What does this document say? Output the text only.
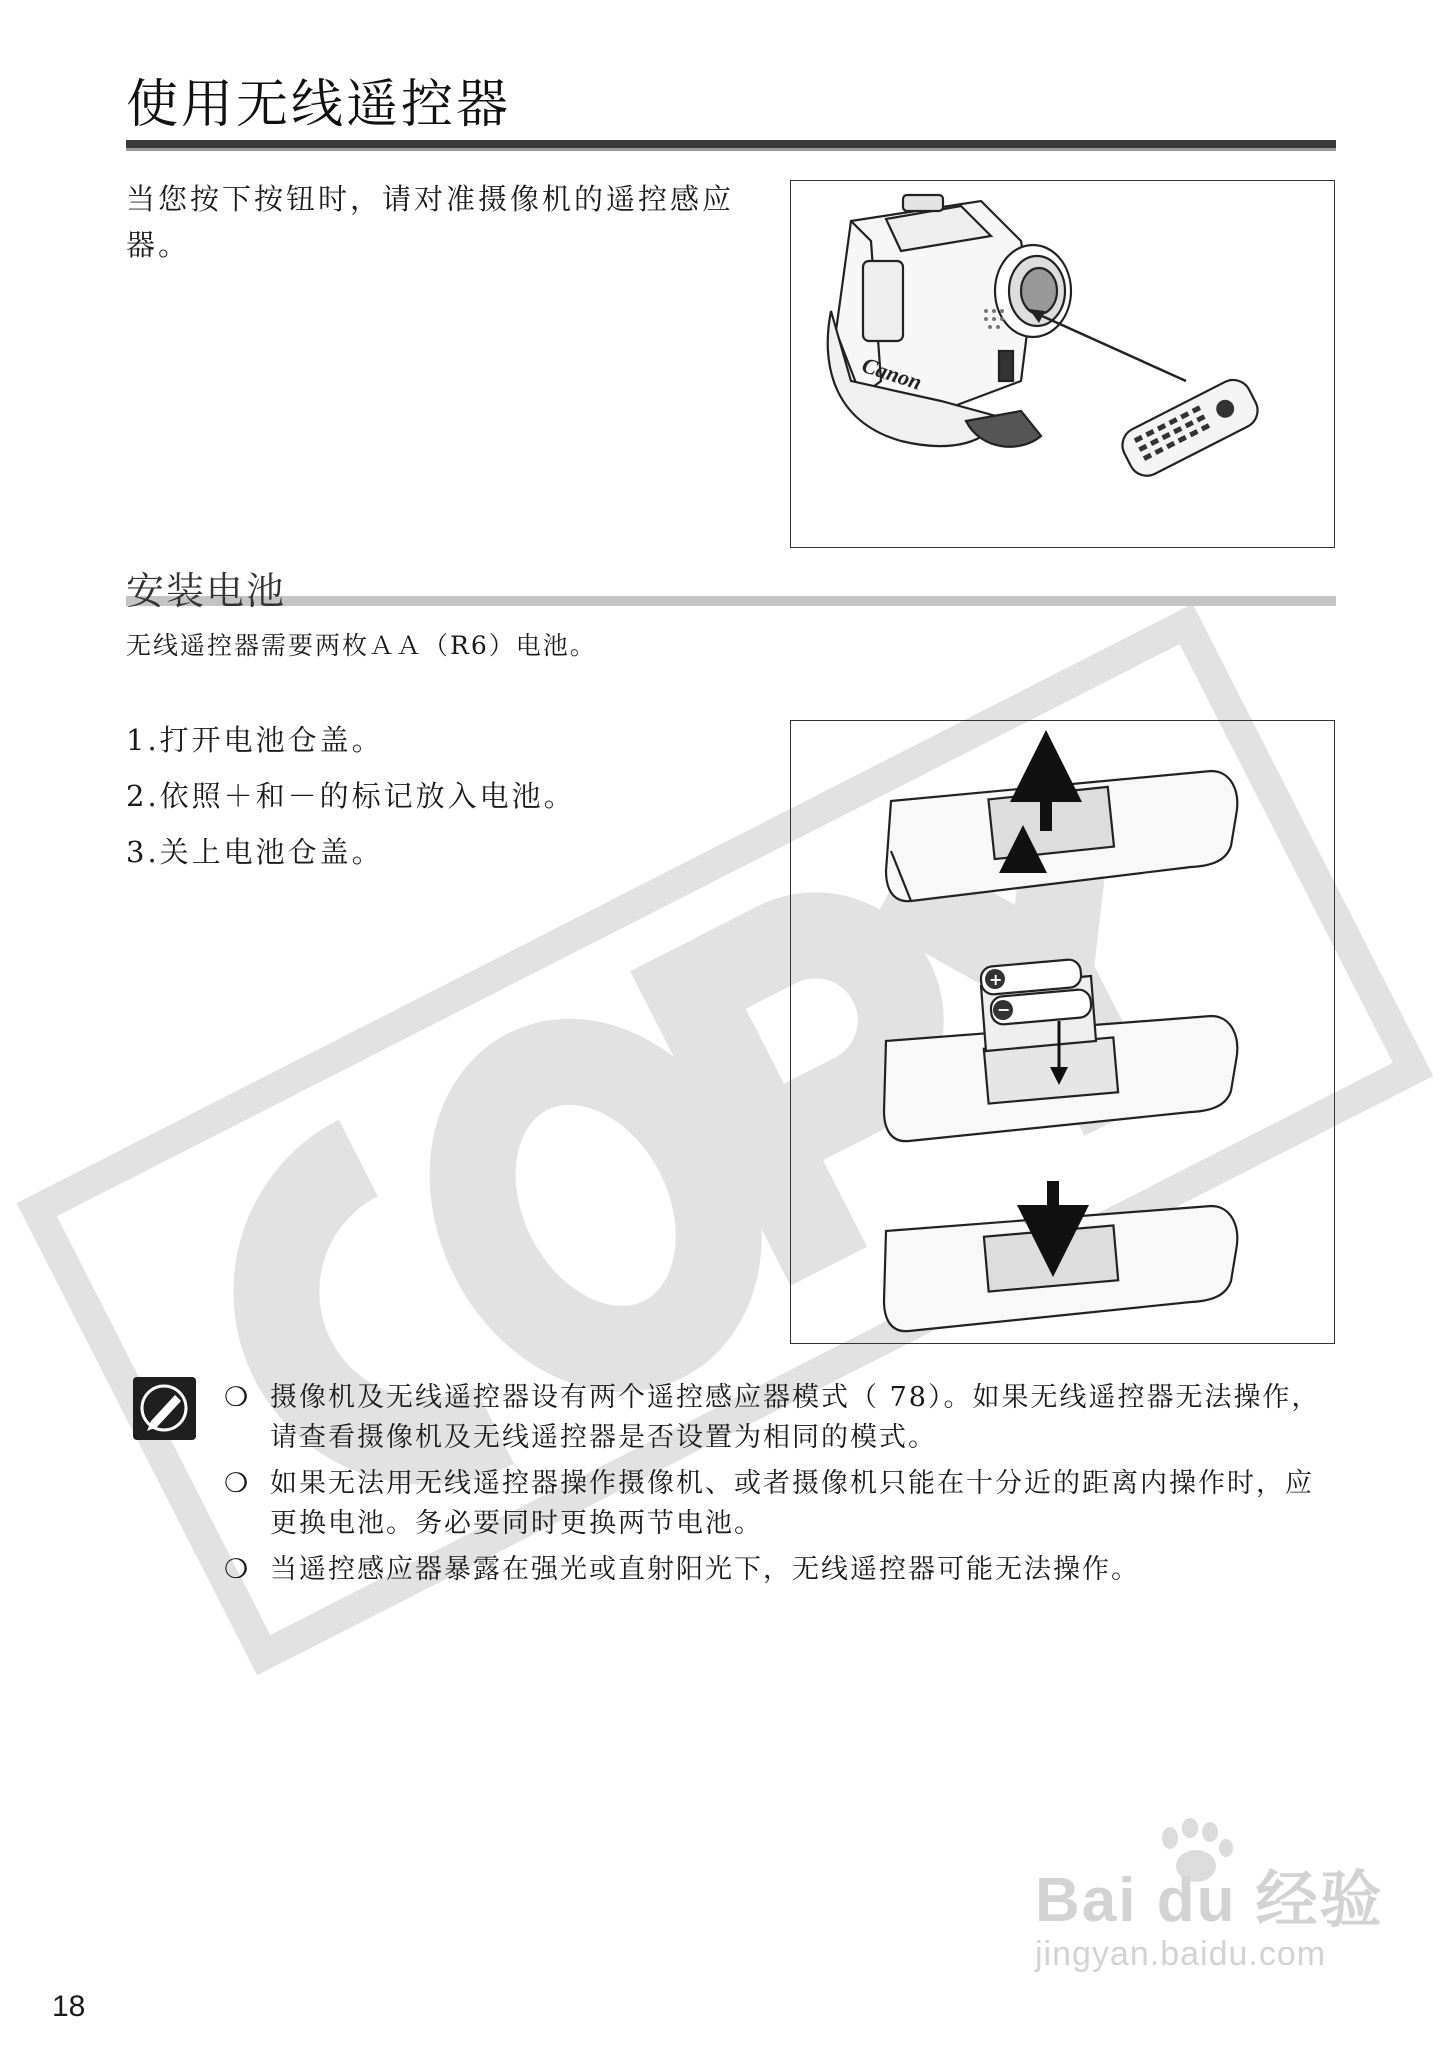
使用无线遥控器
当您按下按钮时，请对准摄像机的遥控感应器。
Canon
安装电池
无线遥控器需要两枚ＡＡ（R6）电池。
1.打开电池仓盖。
2.依照＋和－的标记放入电池。
3.关上电池仓盖。
+
−
❍ 摄像机及无线遥控器设有两个遥控感应器模式（ 78）。如果无线遥控器无法操作，请查看摄像机及无线遥控器是否设置为相同的模式。
❍ 如果无法用无线遥控器操作摄像机、或者摄像机只能在十分近的距离内操作时，应更换电池。务必要同时更换两节电池。
❍ 当遥控感应器暴露在强光或直射阳光下，无线遥控器可能无法操作。
Bai du 经验
jingyan.baidu.com
18
